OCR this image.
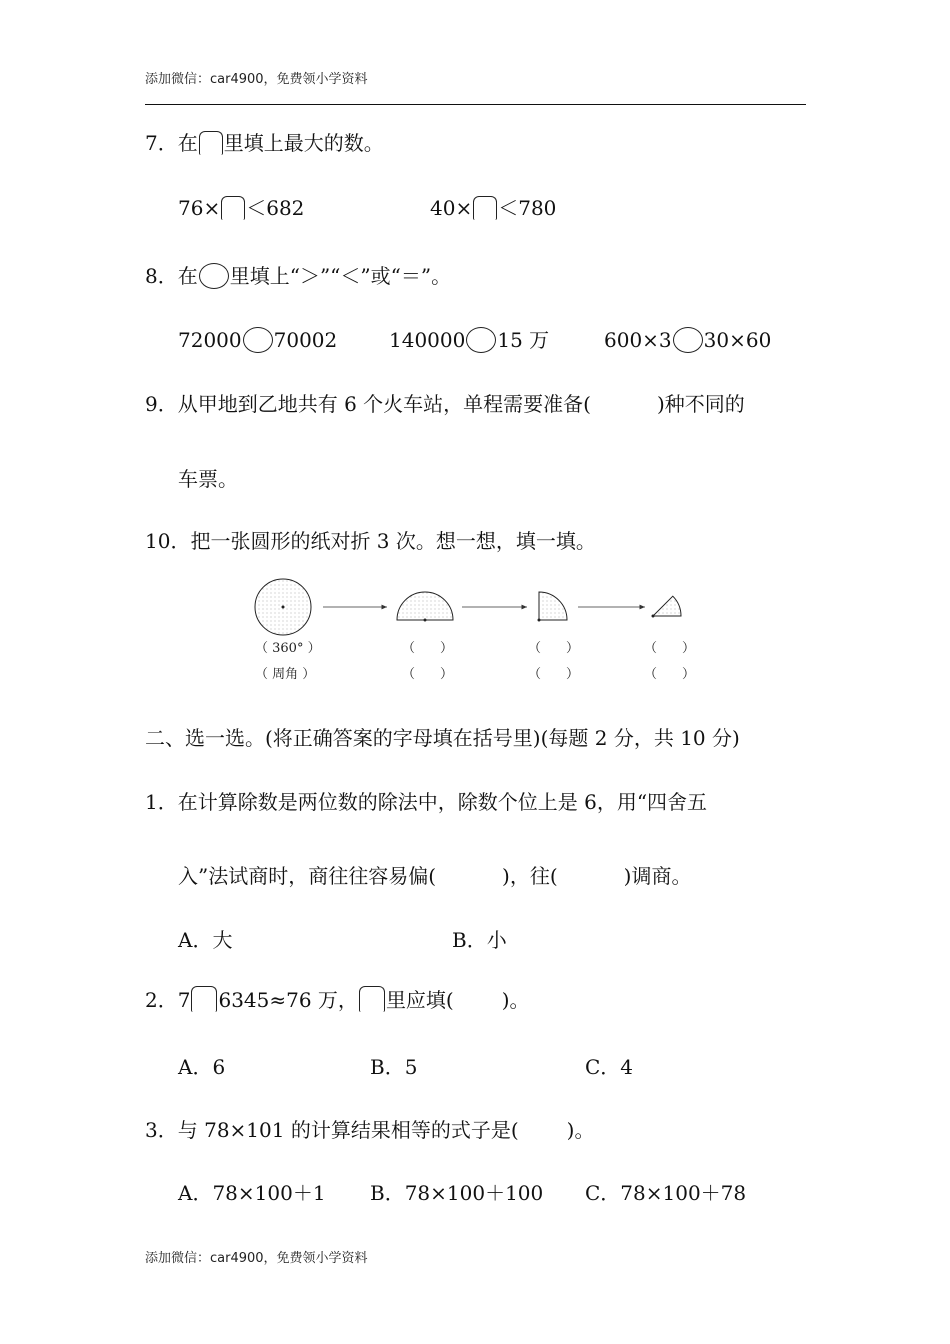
添加微信：car4900，免费领小学资料
7．在 里填上最大的数。
76× ＜682	40× ＜780
8．在 里填上“＞”“＜”或“＝”。
72000 70002	140000 15 万	600×3 30×60
9．从甲地到乙地共有 6 个火车站，单程需要准备(	)种不同的
车票。
10．把一张圆形的纸对折 3 次。想一想，填一填。
（ 360° ）
（ 周角 ）
（ ）
（ ）
（ ）
（ ）
（ ）
（ ）
二、选一选。(将正确答案的字母填在括号里)(每题 2 分，共 10 分)
1．在计算除数是两位数的除法中，除数个位上是 6，用“四舍五
入”法试商时，商往往容易偏(	)，往(	)调商。
A．大	B．小
2．7 6345≈76 万， 里应填( )。
A．6	B．5	C．4
3．与 78×101 的计算结果相等的式子是( )。
A．78×100＋1 B．78×100＋100 C．78×100＋78
添加微信：car4900，免费领小学资料
